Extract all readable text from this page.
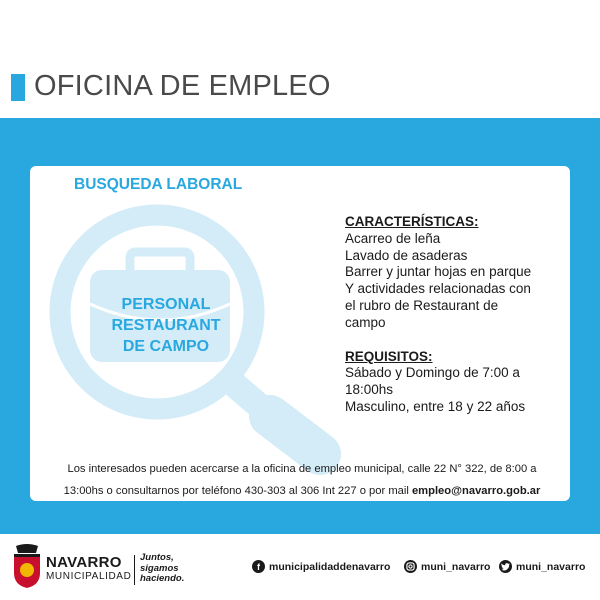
OFICINA DE EMPLEO
BUSQUEDA LABORAL
PERSONAL
RESTAURANT
DE CAMPO
CARACTERÍSTICAS:
Acarreo de leña
Lavado de asaderas
Barrer y juntar hojas en parque
Y actividades relacionadas con
el rubro de Restaurant de
campo
REQUISITOS:
Sábado y Domingo de 7:00 a
18:00hs
Masculino, entre 18 y 22 años
Los interesados pueden acercarse a la oficina de empleo municipal, calle 22 N° 322, de 8:00 a 13:00hs o consultarnos por teléfono 430-303 al 306 Int 227 o por mail empleo@navarro.gob.ar
NAVARRO
MUNICIPALIDAD
Juntos,
sigamos
haciendo.
f municipalidaddenavarro	muni_navarro muni_navarro
